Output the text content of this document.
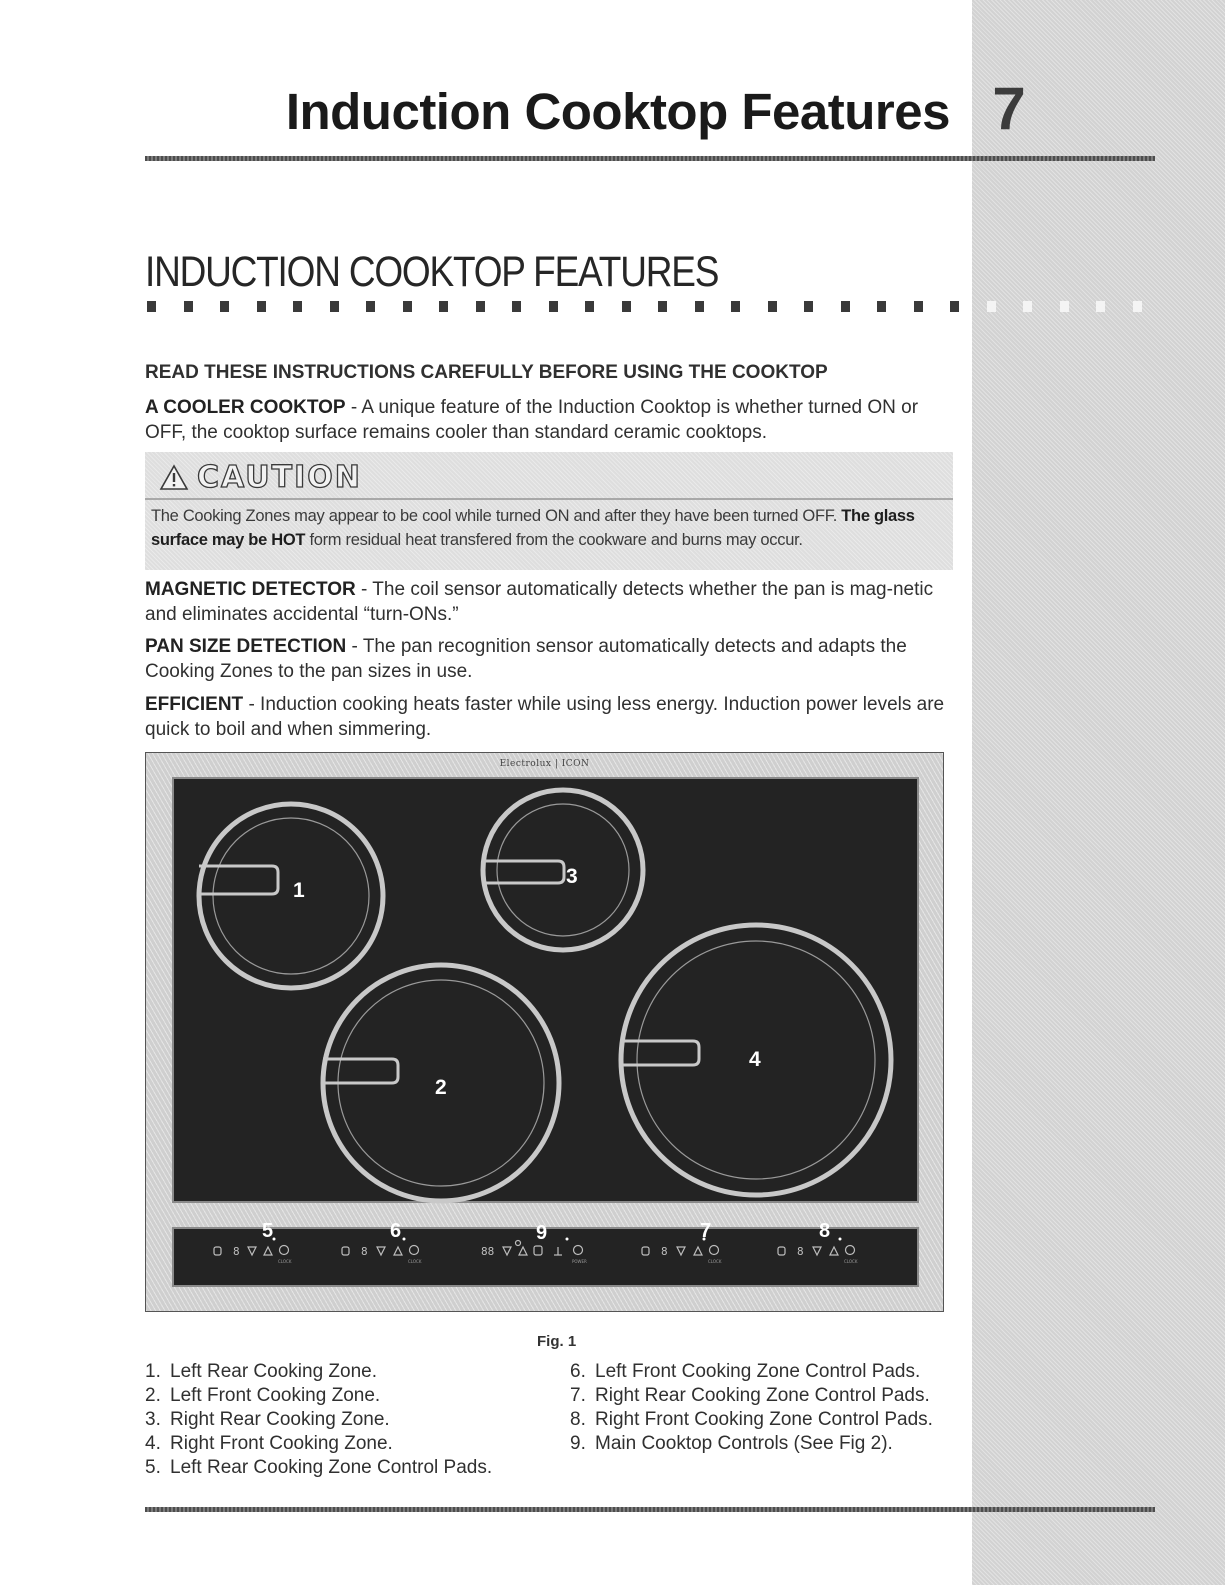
Induction Cooktop Features 7
INDUCTION COOKTOP FEATURES

READ THESE INSTRUCTIONS CAREFULLY BEFORE USING THE COOKTOP

A COOLER COOKTOP - A unique feature of the Induction Cooktop is whether turned ON or OFF, the cooktop surface remains cooler than standard ceramic cooktops.

CAUTION

The Cooking Zones may appear to be cool while turned ON and after they have been turned OFF. The glass surface may be HOT form residual heat transfered from the cookware and burns may occur.

MAGNETIC DETECTOR - The coil sensor automatically detects whether the pan is mag-netic and eliminates accidental “turn-ONs.”

PAN SIZE DETECTION - The pan recognition sensor automatically detects and adapts the Cooking Zones to the pan sizes in use.

EFFICIENT - Induction cooking heats faster while using less energy. Induction power levels are quick to boil and when simmering.

Electrolux | ICON
1
2
3
4
8	8	88	8	8
CLOCK	CLOCK	POWER	CLOCK	CLOCK
5	6	9	7	8

Fig. 1

1. Left Rear Cooking Zone.
2. Left Front Cooking Zone.
3. Right Rear Cooking Zone.
4. Right Front Cooking Zone.
5. Left Rear Cooking Zone Control Pads.
6. Left Front Cooking Zone Control Pads.
7. Right Rear Cooking Zone Control Pads.
8. Right Front Cooking Zone Control Pads.
9. Main Cooktop Controls (See Fig 2).
